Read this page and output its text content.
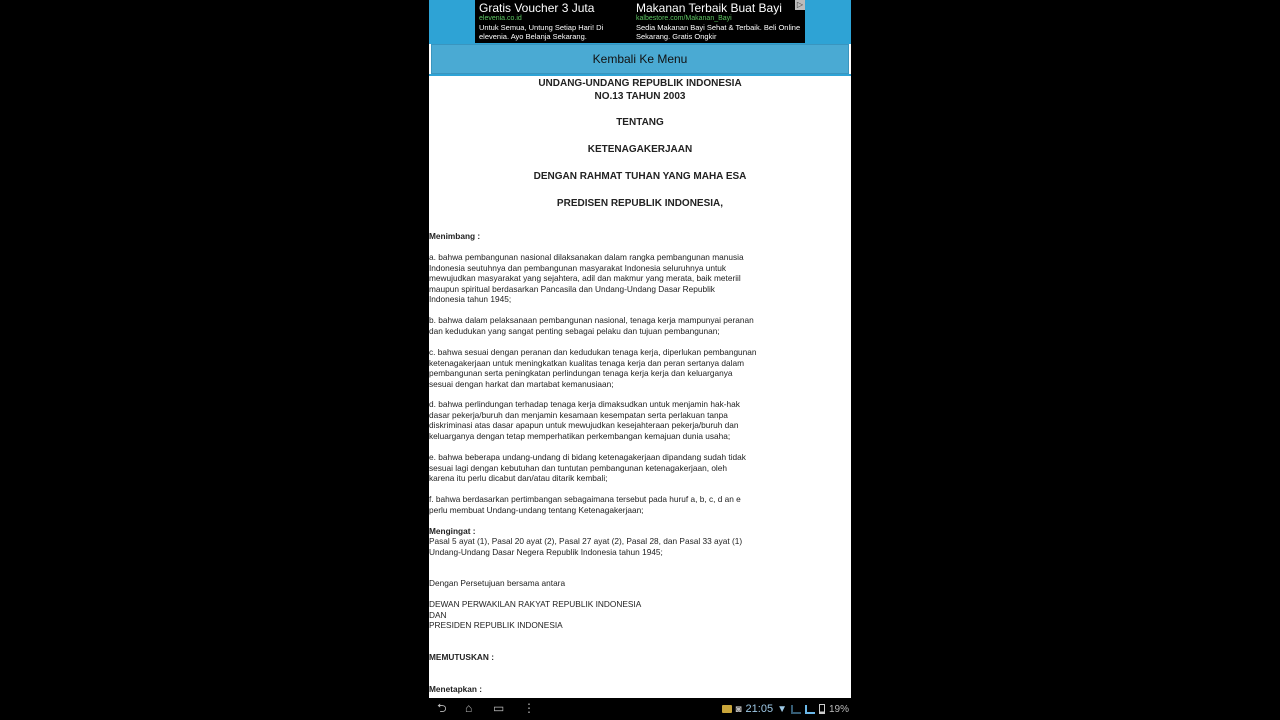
Gratis Voucher 3 Juta
elevenia.co.id
Untuk Semua, Untung Setiap Hari! Di elevenia. Ayo Belanja Sekarang.
Makanan Terbaik Buat Bayi
kalbestore.com/Makanan_Bayi
Sedia Makanan Bayi Sehat & Terbaik. Beli Online Sekarang. Gratis Ongkir
▷
Kembali Ke Menu
UNDANG-UNDANG REPUBLIK INDONESIA
NO.13 TAHUN 2003
TENTANG
KETENAGAKERJAAN
DENGAN RAHMAT TUHAN YANG MAHA ESA
PREDISEN REPUBLIK INDONESIA,
Menimbang :
a. bahwa pembangunan nasional dilaksanakan dalam rangka pembangunan manusia
Indonesia seutuhnya dan pembangunan masyarakat Indonesia seluruhnya untuk
mewujudkan masyarakat yang sejahtera, adil dan makmur yang merata, baik meteriil
maupun spiritual berdasarkan Pancasila dan Undang-Undang Dasar Republik
Indonesia tahun 1945;
b. bahwa dalam pelaksanaan pembangunan nasional, tenaga kerja mampunyai peranan
dan kedudukan yang sangat penting sebagai pelaku dan tujuan pembangunan;
c. bahwa sesuai dengan peranan dan kedudukan tenaga kerja, diperlukan pembangunan
ketenagakerjaan untuk meningkatkan kualitas tenaga kerja dan peran sertanya dalam
pembangunan serta peningkatan perlindungan tenaga kerja kerja dan keluarganya
sesuai dengan harkat dan martabat kemanusiaan;
d. bahwa perlindungan terhadap tenaga kerja dimaksudkan untuk menjamin hak-hak
dasar pekerja/buruh dan menjamin kesamaan kesempatan serta perlakuan tanpa
diskriminasi atas dasar apapun untuk mewujudkan kesejahteraan pekerja/buruh dan
keluarganya dengan tetap memperhatikan perkembangan kemajuan dunia usaha;
e. bahwa beberapa undang-undang di bidang ketenagakerjaan dipandang sudah tidak
sesuai lagi dengan kebutuhan dan tuntutan pembangunan ketenagakerjaan, oleh
karena itu perlu dicabut dan/atau ditarik kembali;
f. bahwa berdasarkan pertimbangan sebagaimana tersebut pada huruf a, b, c, d an e
perlu membuat Undang-undang tentang Ketenagakerjaan;
Mengingat :
Pasal 5 ayat (1), Pasal 20 ayat (2), Pasal 27 ayat (2), Pasal 28, dan Pasal 33 ayat (1)
Undang-Undang Dasar Negera Republik Indonesia tahun 1945;
Dengan Persetujuan bersama antara
DEWAN PERWAKILAN RAKYAT REPUBLIK INDONESIA
DAN
PRESIDEN REPUBLIK INDONESIA
MEMUTUSKAN :
Menetapkan :
⮌ ⌂ ▭ ⋮	◙ 21:05 ▼	19%
